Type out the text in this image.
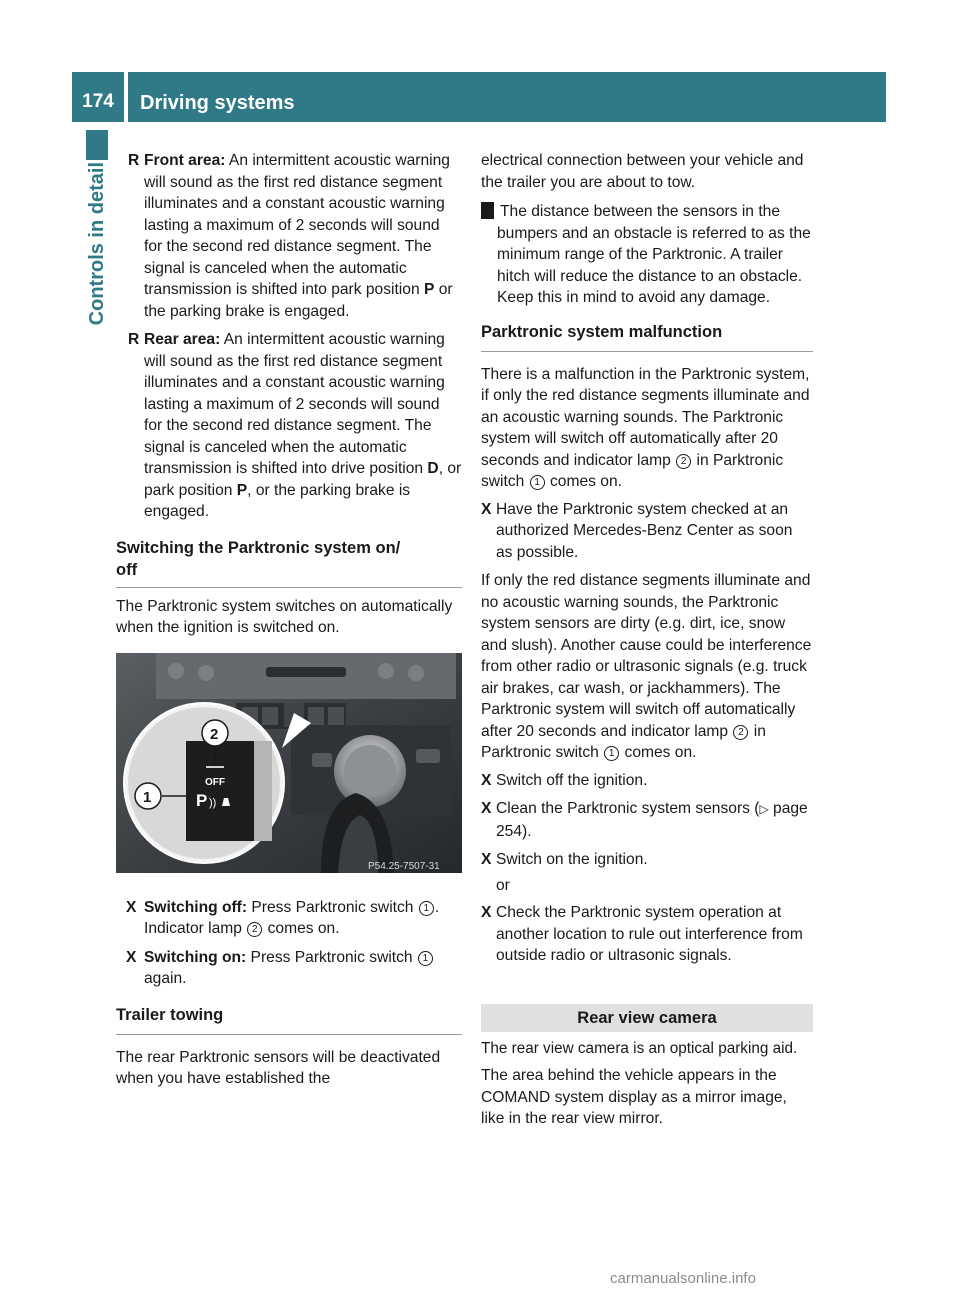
174	Driving systems
Controls in detail

R Front area: An intermittent acoustic warning will sound as the first red distance segment illuminates and a constant acoustic warning lasting a maximum of 2 seconds will sound for the second red distance segment. The signal is canceled when the automatic transmission is shifted into park position P or the parking brake is engaged.

R Rear area: An intermittent acoustic warning will sound as the first red distance segment illuminates and a constant acoustic warning lasting a maximum of 2 seconds will sound for the second red distance segment. The signal is canceled when the automatic transmission is shifted into drive position D, or park position P, or the parking brake is engaged.

Switching the Parktronic system on/ off

The Parktronic system switches on automatically when the ignition is switched on.

OFF
P ))
2
1
P54.25-7507-31

X Switching off: Press Parktronic switch 1 .
Indicator lamp 2 comes on.

X Switching on: Press Parktronic switch 1 again.

Trailer towing

The rear Parktronic sensors will be deactivated when you have established the

electrical connection between your vehicle and the trailer you are about to tow.

! The distance between the sensors in the bumpers and an obstacle is referred to as the minimum range of the Parktronic. A trailer hitch will reduce the distance to an obstacle. Keep this in mind to avoid any damage.

Parktronic system malfunction

There is a malfunction in the Parktronic system, if only the red distance segments illuminate and an acoustic warning sounds. The Parktronic system will switch off automatically after 20 seconds and indicator lamp 2 in Parktronic switch 1 comes on.

X Have the Parktronic system checked at an authorized Mercedes-Benz Center as soon as possible.

If only the red distance segments illuminate and no acoustic warning sounds, the Parktronic system sensors are dirty (e.g. dirt, ice, snow and slush). Another cause could be interference from other radio or ultrasonic signals (e.g. truck air brakes, car wash, or jackhammers). The Parktronic system will switch off automatically after 20 seconds and indicator lamp 2 in Parktronic switch 1 comes on.

X Switch off the ignition.

X Clean the Parktronic system sensors (▷ page 254).

X Switch on the ignition.

or

X Check the Parktronic system operation at another location to rule out interference from outside radio or ultrasonic signals.

Rear view camera

The rear view camera is an optical parking aid.

The area behind the vehicle appears in the COMAND system display as a mirror image, like in the rear view mirror.

carmanualsonline.info
